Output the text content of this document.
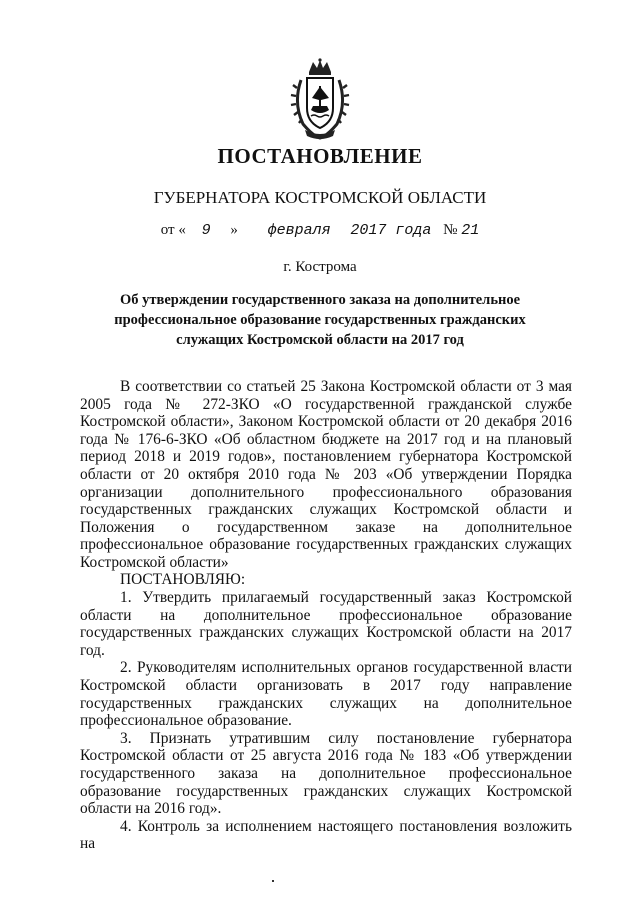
ПОСТАНОВЛЕНИЕ
ГУБЕРНАТОРА КОСТРОМСКОЙ ОБЛАСТИ
от « 9 » февраля 2017 года № 21
г. Кострома
Об утверждении государственного заказа на дополнительное профессиональное образование государственных гражданских служащих Костромской области на 2017 год

В соответствии со статьей 25 Закона Костромской области от 3 мая 2005 года № 272-ЗКО «О государственной гражданской службе Костромской области», Законом Костромской области от 20 декабря 2016 года № 176-6-ЗКО «Об областном бюджете на 2017 год и на плановый период 2018 и 2019 годов», постановлением губернатора Костромской области от 20 октября 2010 года № 203 «Об утверждении Порядка организации дополнительного профессионального образования государственных гражданских служащих Костромской области и Положения о государственном заказе на дополнительное профессиональное образование государственных гражданских служащих Костромской области»

ПОСТАНОВЛЯЮ:

1. Утвердить прилагаемый государственный заказ Костромской области на дополнительное профессиональное образование государственных гражданских служащих Костромской области на 2017 год.

2. Руководителям исполнительных органов государственной власти Костромской области организовать в 2017 году направление государственных гражданских служащих на дополнительное профессиональное образование.

3. Признать утратившим силу постановление губернатора Костромской области от 25 августа 2016 года № 183 «Об утверждении государственного заказа на дополнительное профессиональное образование государственных гражданских служащих Костромской области на 2016 год».

4. Контроль за исполнением настоящего постановления возложить на
